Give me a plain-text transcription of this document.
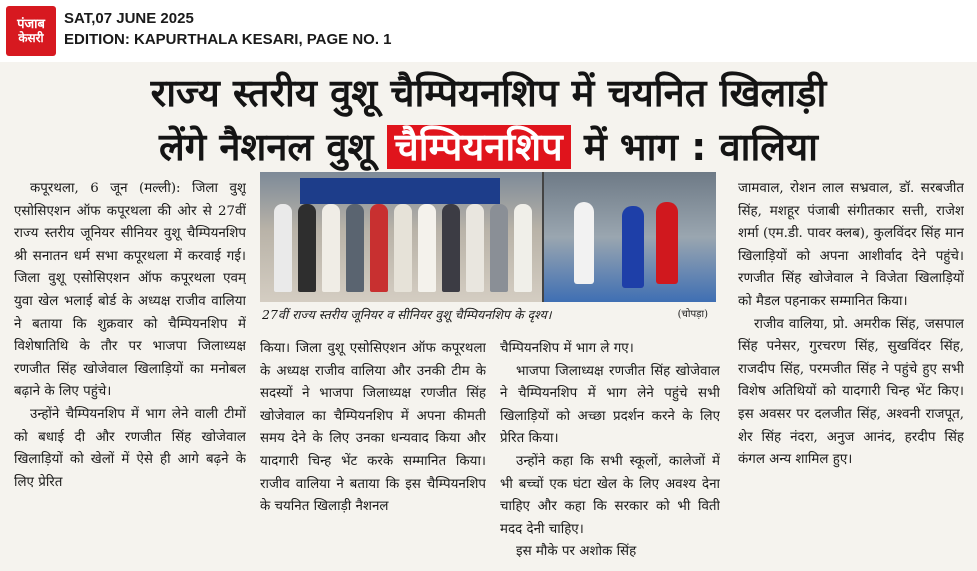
पंजाब
केसरी
SAT,07 JUNE 2025
EDITION: KAPURTHALA KESARI, PAGE NO. 1
राज्य स्तरीय वुशू चैम्पियनशिप में चयनित खिलाड़ी
लेंगे नैशनल वुशू चैम्पियनशिप में भाग : वालिया

कपूरथला, 6 जून (मल्ली): जिला वुशू एसोसिएशन ऑफ कपूरथला की ओर से 27वीं राज्य स्तरीय जूनियर सीनियर वुशू चैम्पियनशिप श्री सनातन धर्म सभा कपूरथला में करवाई गई। जिला वुशू एसोसिएशन ऑफ कपूरथला एवम् युवा खेल भलाई बोर्ड के अध्यक्ष राजीव वालिया ने बताया कि शुक्रवार को चैम्पियनशिप में विशेषातिथि के तौर पर भाजपा जिलाध्यक्ष रणजीत सिंह खोजेवाल खिलाड़ियों का मनोबल बढ़ाने के लिए पहुंचे।

उन्होंने चैम्पियनशिप में भाग लेने वाली टीमों को बधाई दी और रणजीत सिंह खोजेवाल खिलाड़ियों को खेलों में ऐसे ही आगे बढ़ने के लिए प्रेरित

27वीं राज्य स्तरीय जूनियर व सीनियर वुशू चैम्पियनशिप के दृश्य।	(चोपड़ा)

किया। जिला वुशू एसोसिएशन ऑफ कपूरथला के अध्यक्ष राजीव वालिया और उनकी टीम के सदस्यों ने भाजपा जिलाध्यक्ष रणजीत सिंह खोजेवाल का चैम्पियनशिप में अपना कीमती समय देने के लिए उनका धन्यवाद किया और यादगारी चिन्ह भेंट करके सम्मानित किया। राजीव वालिया ने बताया कि इस चैम्पियनशिप के चयनित खिलाड़ी नैशनल

चैम्पियनशिप में भाग ले गए।

भाजपा जिलाध्यक्ष रणजीत सिंह खोजेवाल ने चैम्पियनशिप में भाग लेने पहुंचे सभी खिलाड़ियों को अच्छा प्रदर्शन करने के लिए प्रेरित किया।

उन्होंने कहा कि सभी स्कूलों, कालेजों में भी बच्चों एक घंटा खेल के लिए अवश्य देना चाहिए और कहा कि सरकार को भी विती मदद देनी चाहिए।

इस मौके पर अशोक सिंह

जामवाल, रोशन लाल सभ्रवाल, डॉ. सरबजीत सिंह, मशहूर पंजाबी संगीतकार सत्ती, राजेश शर्मा (एम.डी. पावर क्लब), कुलविंदर सिंह मान खिलाड़ियों को अपना आशीर्वाद देने पहुंचे। रणजीत सिंह खोजेवाल ने विजेता खिलाड़ियों को मैडल पहनाकर सम्मानित किया।

राजीव वालिया, प्रो. अमरीक सिंह, जसपाल सिंह पनेसर, गुरचरण सिंह, सुखविंदर सिंह, राजदीप सिंह, परमजीत सिंह ने पहुंचे हुए सभी विशेष अतिथियों को यादगारी चिन्ह भेंट किए। इस अवसर पर दलजीत सिंह, अश्वनी राजपूत, शेर सिंह नंदरा, अनुज आनंद, हरदीप सिंह कंगल अन्य शामिल हुए।
